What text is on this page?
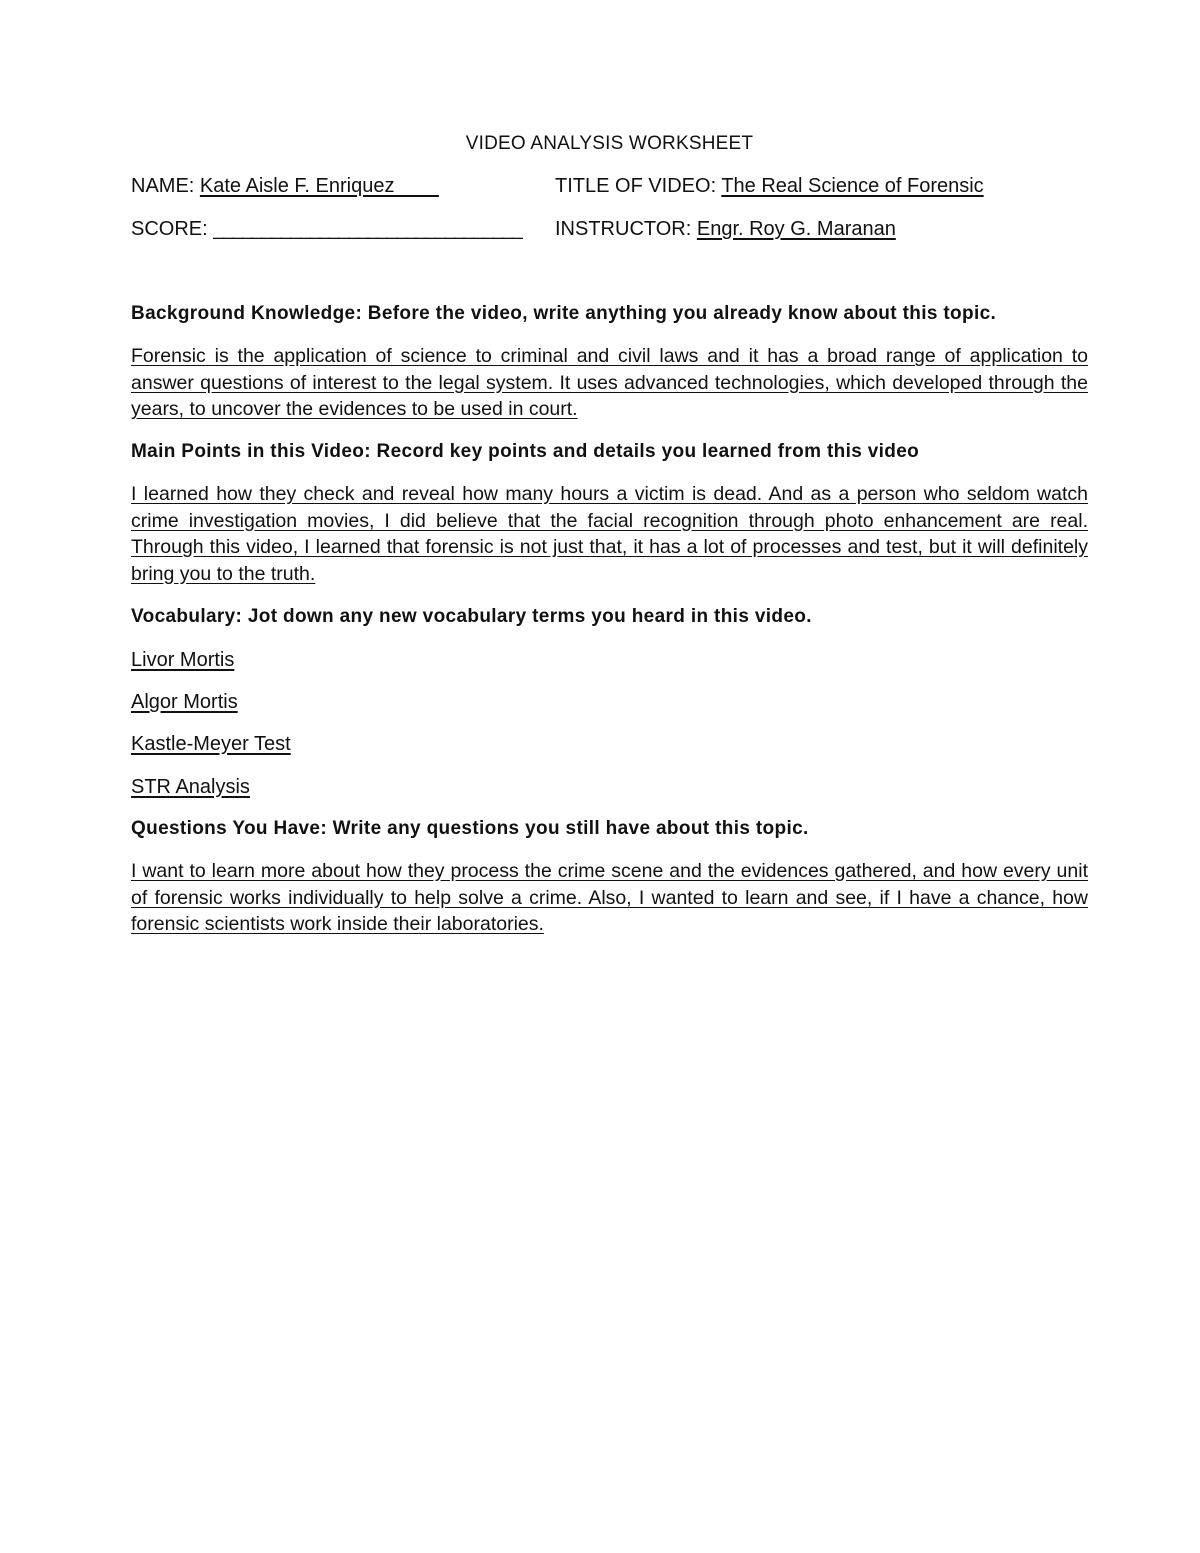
VIDEO ANALYSIS WORKSHEET
NAME: Kate Aisle F. Enriquez	TITLE OF VIDEO: The Real Science of Forensic
SCORE: ________________________________ INSTRUCTOR: Engr. Roy G. Maranan
Background Knowledge: Before the video, write anything you already know about this topic.
Forensic is the application of science to criminal and civil laws and it has a broad range of application to answer questions of interest to the legal system. It uses advanced technologies, which developed through the years, to uncover the evidences to be used in court.
Main Points in this Video: Record key points and details you learned from this video
I learned how they check and reveal how many hours a victim is dead. And as a person who seldom watch crime investigation movies, I did believe that the facial recognition through photo enhancement are real. Through this video, I learned that forensic is not just that, it has a lot of processes and test, but it will definitely bring you to the truth.
Vocabulary: Jot down any new vocabulary terms you heard in this video.
Livor Mortis
Algor Mortis
Kastle-Meyer Test
STR Analysis
Questions You Have: Write any questions you still have about this topic.
I want to learn more about how they process the crime scene and the evidences gathered, and how every unit of forensic works individually to help solve a crime. Also, I wanted to learn and see, if I have a chance, how forensic scientists work inside their laboratories.
